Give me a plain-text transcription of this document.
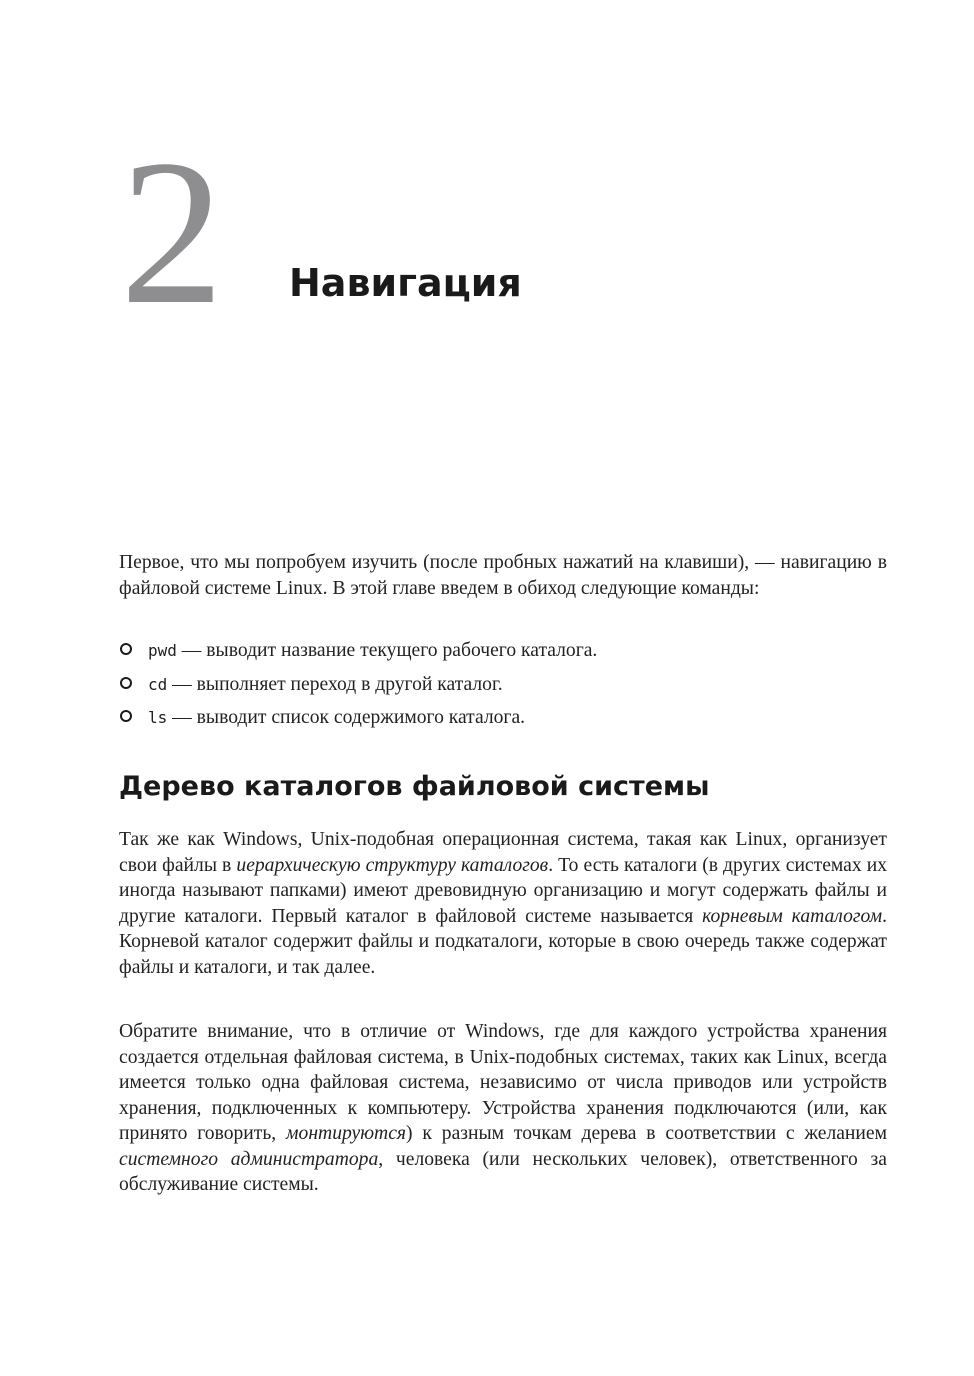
2 Навигация

Первое, что мы попробуем изучить (после пробных нажатий на клавиши), — навигацию в файловой системе Linux. В этой главе введем в обиход следующие команды:

pwd — выводит название текущего рабочего каталога.
cd — выполняет переход в другой каталог.
ls — выводит список содержимого каталога.
Дерево каталогов файловой системы

Так же как Windows, Unix-подобная операционная система, такая как Linux, организует свои файлы в иерархическую структуру каталогов. То есть каталоги (в других системах их иногда называют папками) имеют древовидную организацию и могут содержать файлы и другие каталоги. Первый каталог в файловой системе называется корневым каталогом. Корневой каталог содержит файлы и подкаталоги, которые в свою очередь также содержат файлы и каталоги, и так далее.

Обратите внимание, что в отличие от Windows, где для каждого устройства хранения создается отдельная файловая система, в Unix-подобных системах, таких как Linux, всегда имеется только одна файловая система, независимо от числа приводов или устройств хранения, подключенных к компьютеру. Устройства хранения подключаются (или, как принято говорить, монтируются) к разным точкам дерева в соответствии с желанием системного администратора, человека (или нескольких человек), ответственного за обслуживание системы.
